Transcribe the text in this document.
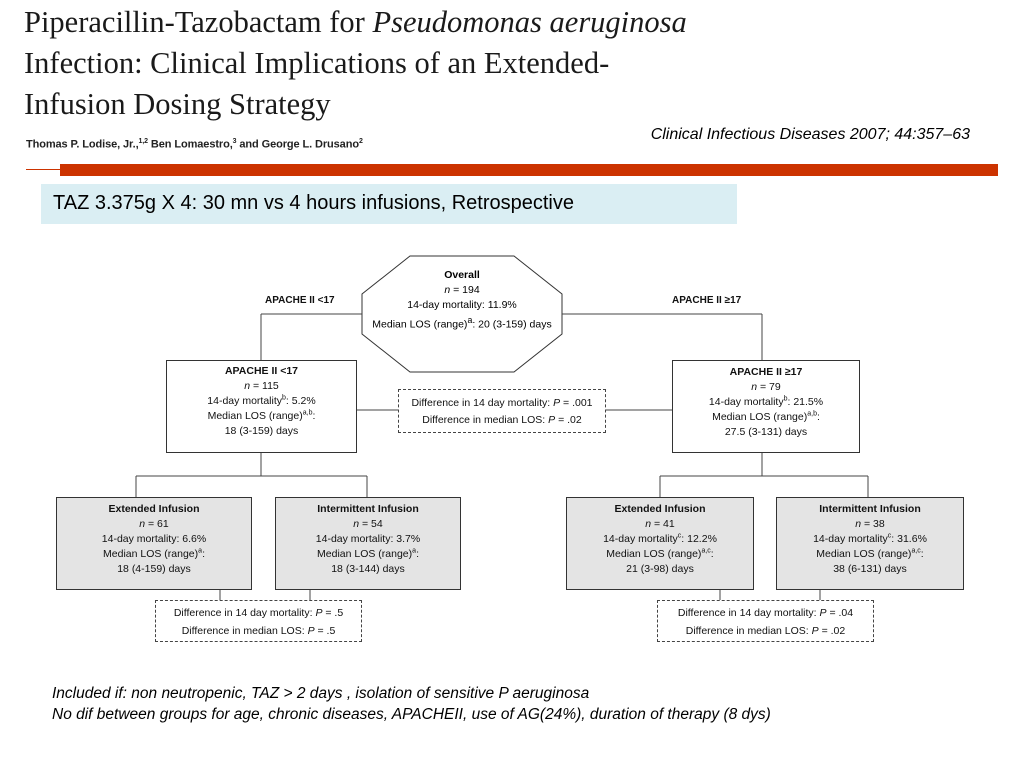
Piperacillin-Tazobactam for Pseudomonas aeruginosa
Infection: Clinical Implications of an Extended-
Infusion Dosing Strategy
Thomas P. Lodise, Jr.,$^{1,2}$ Ben Lomaestro,$^3$ and George L. Drusano$^2$	Clinical Infectious Diseases 2007; 44:357–63
TAZ 3.375g X 4: 30 mn vs 4 hours infusions, Retrospective
Overall
n = 194
14-day mortality: 11.9%
Median LOS (range)$^a$: 20 (3-159) days
APACHE II <17	APACHE II ≥17
APACHE II <17
n = 115
14-day mortality$^b$: 5.2%
Median LOS (range)$^{a,b}$:
18 (3-159) days
Difference in 14 day mortality: P = .001
Difference in median LOS: P = .02
APACHE II ≥17
n = 79
14-day mortality$^b$: 21.5%
Median LOS (range)$^{a,b}$:
27.5 (3-131) days
Extended Infusion
n = 61
14-day mortality: 6.6%
Median LOS (range)$^a$:
18 (4-159) days
Intermittent Infusion
n = 54
14-day mortality: 3.7%
Median LOS (range)$^a$:
18 (3-144) days
Extended Infusion
n = 41
14-day mortality$^c$: 12.2%
Median LOS (range)$^{a,c}$:
21 (3-98) days
Intermittent Infusion
n = 38
14-day mortality$^c$: 31.6%
Median LOS (range)$^{a,c}$:
38 (6-131) days
Difference in 14 day mortality: P = .5
Difference in median LOS: P = .5
Difference in 14 day mortality: P = .04
Difference in median LOS: P = .02
Included if: non neutropenic, TAZ > 2 days , isolation of sensitive P aeruginosa
No dif between groups for age, chronic diseases, APACHEII, use of AG(24%), duration of therapy (8 dys)
